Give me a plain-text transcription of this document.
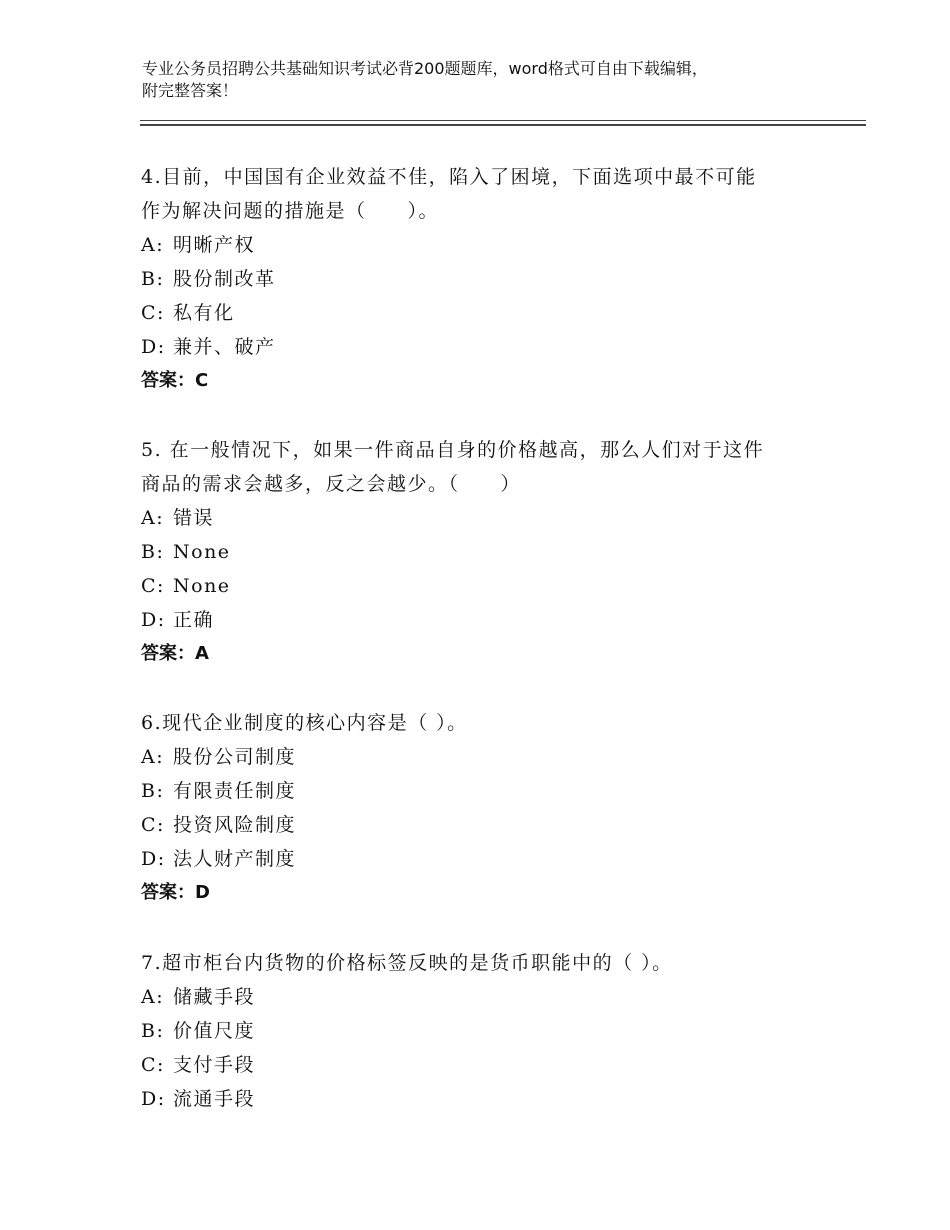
专业公务员招聘公共基础知识考试必背200题题库，word格式可自由下载编辑，
附完整答案！

4.目前，中国国有企业效益不佳，陷入了困境，下面选项中最不可能

作为解决问题的措施是（　　）。

A: 明晰产权

B: 股份制改革

C: 私有化

D: 兼并、破产

答案：C

5. 在一般情况下，如果一件商品自身的价格越高，那么人们对于这件

商品的需求会越多，反之会越少。（　　）

A: 错误

B: None

C: None

D: 正确

答案：A

6.现代企业制度的核心内容是（ ）。

A: 股份公司制度

B: 有限责任制度

C: 投资风险制度

D: 法人财产制度

答案：D

7.超市柜台内货物的价格标签反映的是货币职能中的（ ）。

A: 储藏手段

B: 价值尺度

C: 支付手段

D: 流通手段
